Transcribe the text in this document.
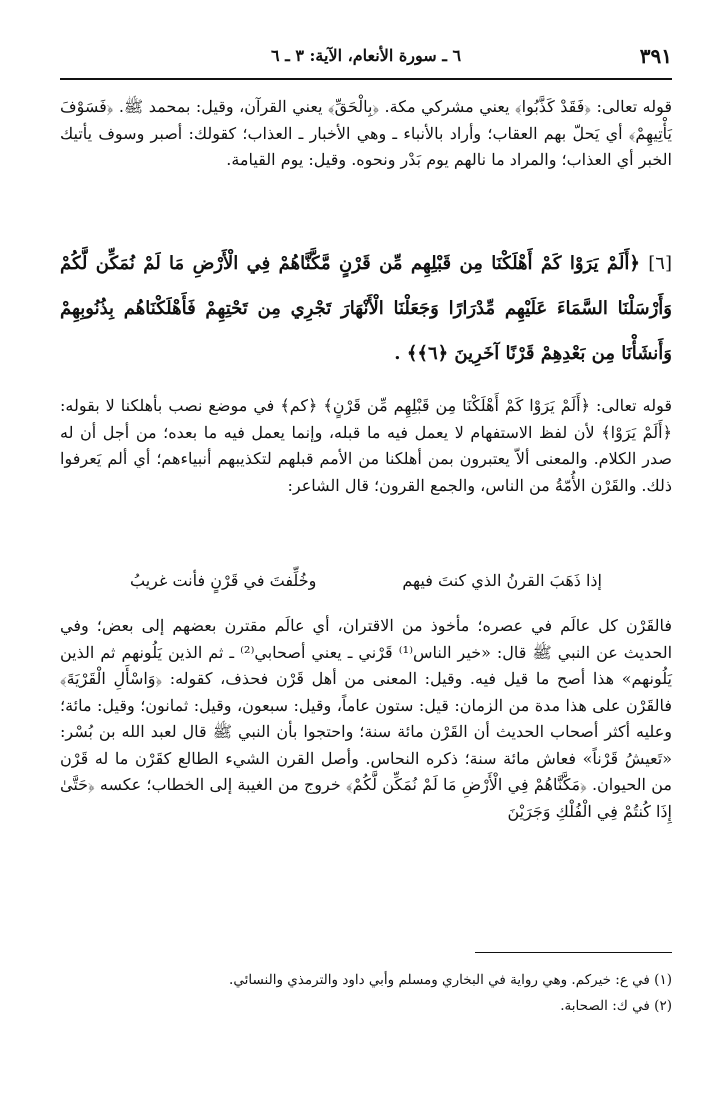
٣٩١
٦ ـ سورة الأنعام، الآية: ٣ ـ ٦
قوله تعالى: ﴿فَقَدْ كَذَّبُوا﴾ يعني مشركي مكة. ﴿بِالْحَقِّ﴾ يعني القرآن، وقيل: بمحمد ﷺ. ﴿فَسَوْفَ يَأْتِيهِمْ﴾ أي يَحلّ بهم العقاب؛ وأراد بالأنباء ـ وهي الأخبار ـ العذاب؛ كقولك: أصبر وسوف يأتيك الخبر أي العذاب؛ والمراد ما نالهم يوم بَدْر ونحوه. وقيل: يوم القيامة.
[٦] ﴿أَلَمْ يَرَوْا كَمْ أَهْلَكْنَا مِن قَبْلِهِم مِّن قَرْنٍ مَّكَّنَّاهُمْ فِي الْأَرْضِ مَا لَمْ نُمَكِّن لَّكُمْ وَأَرْسَلْنَا السَّمَاءَ عَلَيْهِم مِّدْرَارًا وَجَعَلْنَا الْأَنْهَارَ تَجْرِي مِن تَحْتِهِمْ فَأَهْلَكْنَاهُم بِذُنُوبِهِمْ وَأَنشَأْنَا مِن بَعْدِهِمْ قَرْنًا آخَرِينَ ﴿٦﴾﴾ .
قوله تعالى: ﴿أَلَمْ يَرَوْا كَمْ أَهْلَكْنَا مِن قَبْلِهِم مِّن قَرْنٍ﴾ ﴿كم﴾ في موضع نصب بأهلكنا لا بقوله: ﴿أَلَمْ يَرَوْا﴾ لأن لفظ الاستفهام لا يعمل فيه ما قبله، وإنما يعمل فيه ما بعده؛ من أجل أن له صدر الكلام. والمعنى ألاّ يعتبرون بمن أهلكنا من الأمم قبلهم لتكذيبهم أنبياءهم؛ أي ألم يَعرفوا ذلك. والقَرْن الأُمّةُ من الناس، والجمع القرون؛ قال الشاعر:
إذا ذَهَبَ القرنُ الذي كنتَ فيهم
وخُلِّفتَ في قَرْنٍ فأنت غريبُ
فالقَرْن كل عالَم في عصره؛ مأخوذ من الاقتران، أي عالَم مقترن بعضهم إلى بعض؛ وفي الحديث عن النبي ﷺ قال: «خير الناس⁽¹⁾ قَرْني ـ يعني أصحابي⁽²⁾ ـ ثم الذين يَلُونهم ثم الذين يَلُونهم» هذا أصح ما قيل فيه. وقيل: المعنى من أهل قَرْن فحذف، كقوله: ﴿وَاسْأَلِ الْقَرْيَةَ﴾ فالقَرْن على هذا مدة من الزمان: قيل: ستون عاماً، وقيل: سبعون، وقيل: ثمانون؛ وقيل: مائة؛ وعليه أكثر أصحاب الحديث أن القَرْن مائة سنة؛ واحتجوا بأن النبي ﷺ قال لعبد الله بن بُسْر: «تَعيشُ قَرْناً» فعاش مائة سنة؛ ذكره النحاس. وأصل القرن الشيء الطالع كقَرْن ما له قَرْن من الحيوان. ﴿مَكَّنَّاهُمْ فِي الْأَرْضِ مَا لَمْ نُمَكِّن لَّكُمْ﴾ خروج من الغيبة إلى الخطاب؛ عكسه ﴿حَتَّىٰ إِذَا كُنتُمْ فِي الْفُلْكِ وَجَرَيْنَ
(١) في ع: خيركم. وهي رواية في البخاري ومسلم وأبي داود والترمذي والنسائي.
(٢) في ك: الصحابة.
